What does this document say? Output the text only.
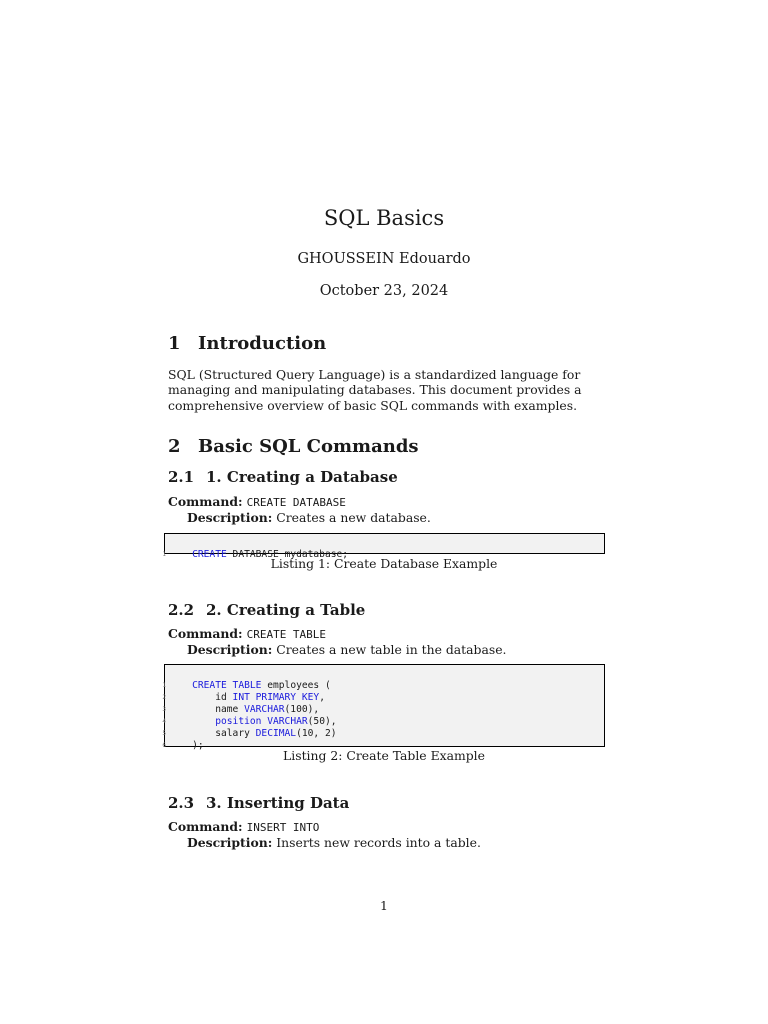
SQL Basics
GHOUSSEIN Edouardo
October 23, 2024
1 Introduction
SQL (Structured Query Language) is a standardized language for managing and manipulating databases. This document provides a comprehensive overview of basic SQL commands with examples.
2 Basic SQL Commands
2.1 1. Creating a Database
Command: CREATE DATABASE
Description: Creates a new database.

1	CREATE DATABASE mydatabase;

Listing 1: Create Database Example
2.2 2. Creating a Table
Command: CREATE TABLE
Description: Creates a new table in the database.

1	CREATE TABLE employees (

2	id INT PRIMARY KEY,

3	name VARCHAR(100),

4	position VARCHAR(50),

5	salary DECIMAL(10, 2)

6	);

Listing 2: Create Table Example
2.3 3. Inserting Data
Command: INSERT INTO
Description: Inserts new records into a table.
1
